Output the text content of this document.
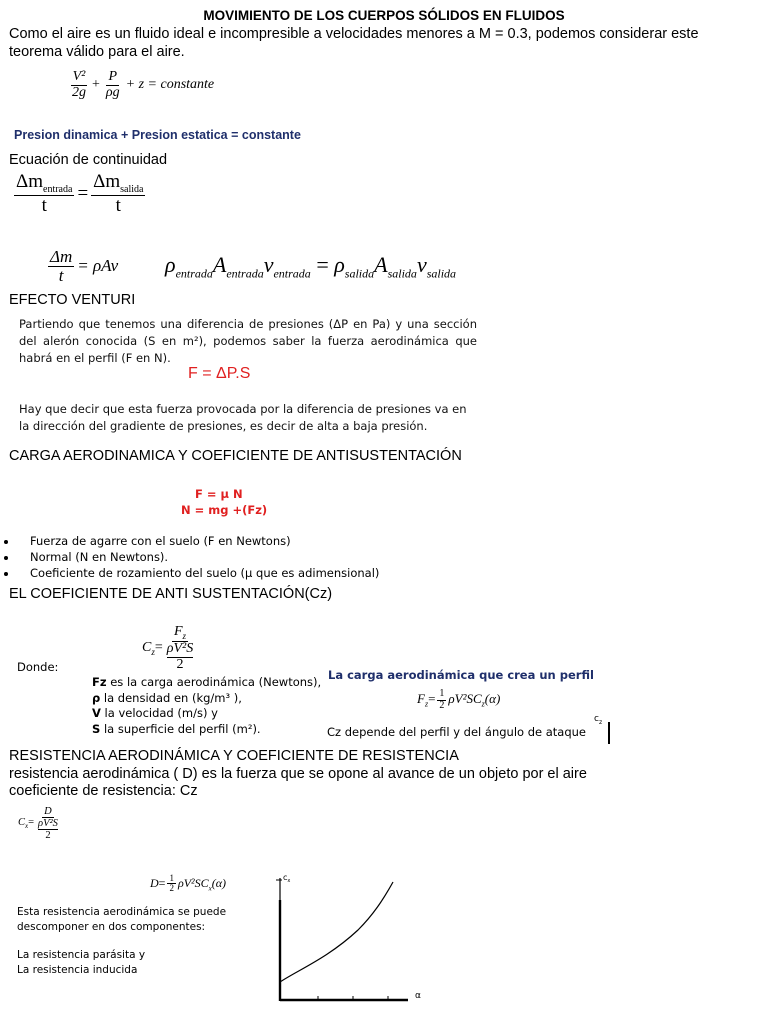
MOVIMIENTO DE LOS CUERPOS SÓLIDOS EN FLUIDOS
Como el aire es un fluido ideal e incompresible a velocidades menores a M = 0.3, podemos considerar este teorema válido para el aire.
$\frac{\text{V²}}{2g} + \frac{P}{\rho g} + z$ = constante
Presion dinamica + Presion estatica = constante
Ecuación de continuidad
$\frac{\Delta m_{entrada}}{t} = \frac{\Delta m_{salida}}{t}$
$\frac{\Delta m}{t} = \rho Av$ $\rho_{entrada}A_{entrada}v_{entrada} = \rho_{salida}A_{salida}v_{salida}$
EFECTO VENTURI
Partiendo que tenemos una diferencia de presiones (ΔP en Pa) y una sección del alerón conocida (S en m²), podemos saber la fuerza aerodinámica que habrá en el perfil (F en N).
F = ΔP.S
Hay que decir que esta fuerza provocada por la diferencia de presiones va en la dirección del gradiente de presiones, es decir de alta a baja presión.
CARGA AERODINAMICA Y COEFICIENTE DE ANTISUSTENTACIÓN
F = μ N
N = mg +(Fz)
• Fuerza de agarre con el suelo (F en Newtons)
• Normal (N en Newtons).
• Coeficiente de rozamiento del suelo (μ que es adimensional)
EL COEFICIENTE DE ANTI SUSTENTACIÓN(Cz)
$C_z= F_z$
ρV²S
2
Donde:
Fz es la carga aerodinámica (Newtons),
ρ la densidad en (kg/m³ ),
V la velocidad (m/s) y
S la superficie del perfil (m²).
La carga aerodinámica que crea un perfil
$F_z= \frac{1}{2} \rho V^2SC_z(\alpha)$
Cz depende del perfil y del ángulo de ataque
$c_z$
RESISTENCIA AERODINÁMICA Y COEFICIENTE DE RESISTENCIA
resistencia aerodinámica ( D) es la fuerza que se opone al avance de un objeto por el aire
coeficiente de resistencia: Cz
$C_x= D$
ρV²S
2
$D= \frac{1}{2} \rho V^2SC_x(\alpha)$
Esta resistencia aerodinámica se puede
descomponer en dos componentes:
La resistencia parásita y
La resistencia inducida
$c_x$
α
